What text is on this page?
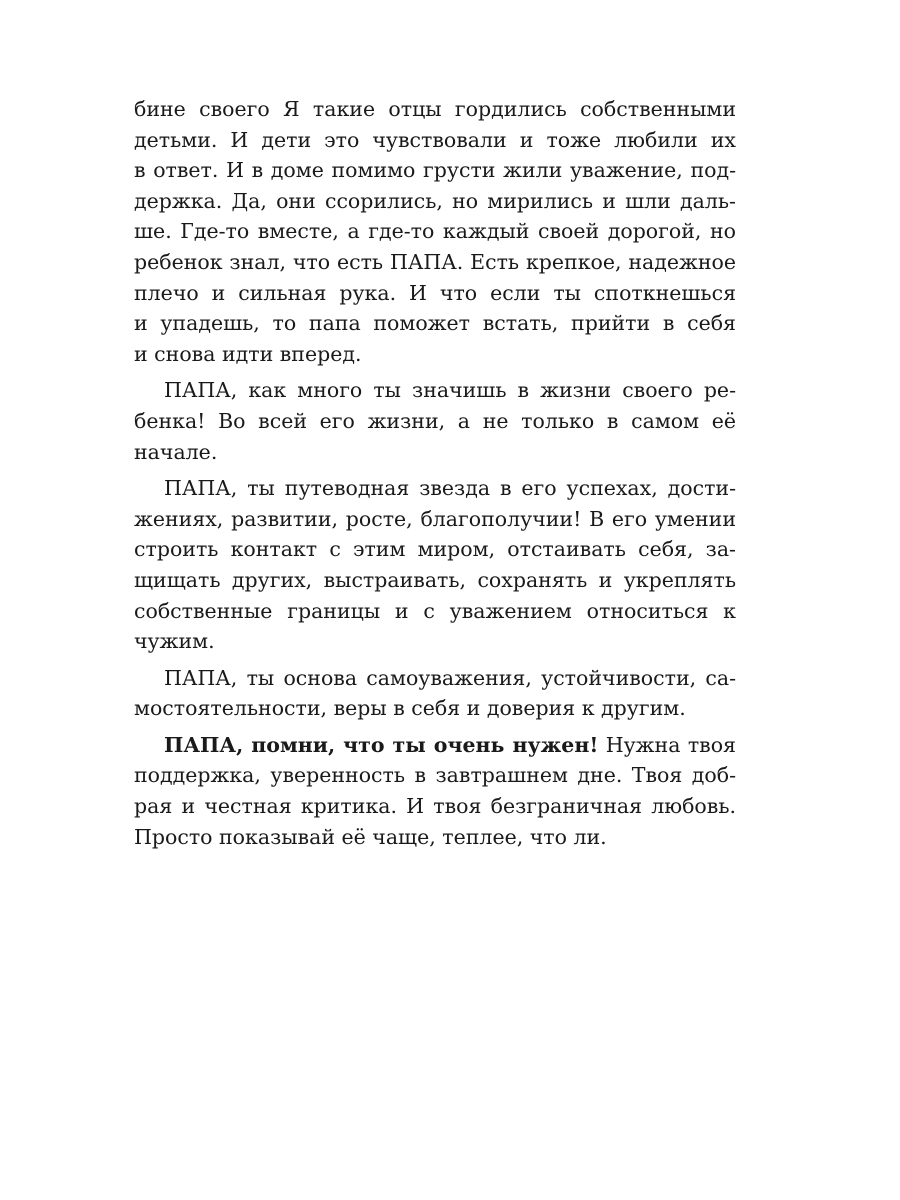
бине своего Я такие отцы гордились собственными
детьми. И дети это чувствовали и тоже любили их
в ответ. И в доме помимо грусти жили уважение, под-
держка. Да, они ссорились, но мирились и шли даль-
ше. Где-то вместе, а где-то каждый своей дорогой, но
ребенок знал, что есть ПАПА. Есть крепкое, надежное
плечо и сильная рука. И что если ты споткнешься
и упадешь, то папа поможет встать, прийти в себя
и снова идти вперед.
ПАПА, как много ты значишь в жизни своего ре-
бенка! Во всей его жизни, а не только в самом её
начале.
ПАПА, ты путеводная звезда в его успехах, дости-
жениях, развитии, росте, благополучии! В его умении
строить контакт с этим миром, отстаивать себя, за-
щищать других, выстраивать, сохранять и укреплять
собственные границы и с уважением относиться к
чужим.
ПАПА, ты основа самоуважения, устойчивости, са-
мостоятельности, веры в себя и доверия к другим.
ПАПА, помни, что ты очень нужен! Нужна твоя
поддержка, уверенность в завтрашнем дне. Твоя доб-
рая и честная критика. И твоя безграничная любовь.
Просто показывай её чаще, теплее, что ли.
